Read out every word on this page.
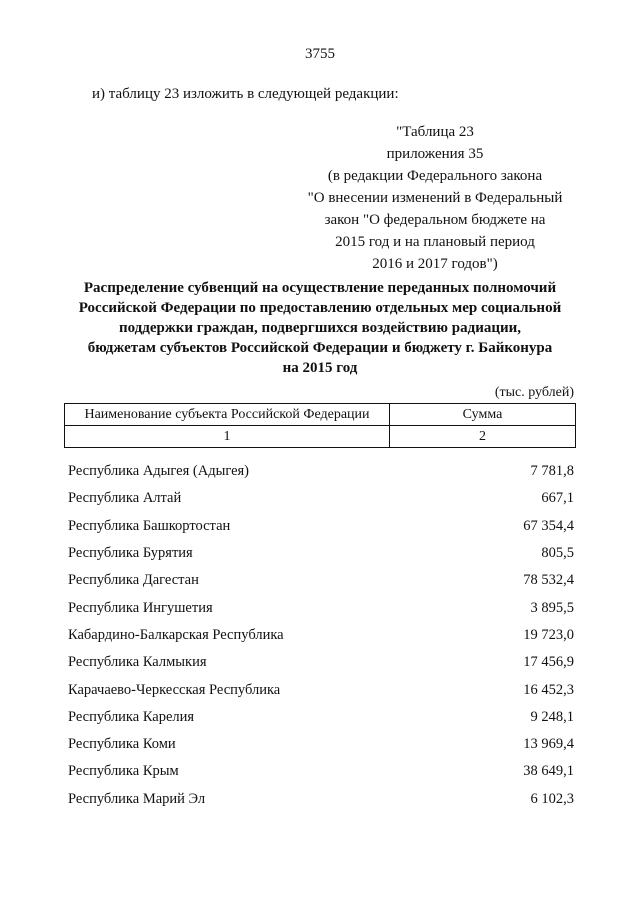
3755
и) таблицу 23 изложить в следующей редакции:
"Таблица 23
приложения 35
(в редакции Федерального закона
"О внесении изменений в Федеральный
закон "О федеральном бюджете на
2015 год и на плановый период
2016 и 2017 годов")
Распределение субвенций на осуществление переданных полномочий
Российской Федерации по предоставлению отдельных мер социальной
поддержки граждан, подвергшихся воздействию радиации,
бюджетам субъектов Российской Федерации и бюджету г. Байконура
на 2015 год
(тыс. рублей)
Наименование субъекта Российской Федерации	Сумма
1	2
Республика Адыгея (Адыгея)	7 781,8
Республика Алтай	667,1
Республика Башкортостан	67 354,4
Республика Бурятия	805,5
Республика Дагестан	78 532,4
Республика Ингушетия	3 895,5
Кабардино-Балкарская Республика	19 723,0
Республика Калмыкия	17 456,9
Карачаево-Черкесская Республика	16 452,3
Республика Карелия	9 248,1
Республика Коми	13 969,4
Республика Крым	38 649,1
Республика Марий Эл	6 102,3
